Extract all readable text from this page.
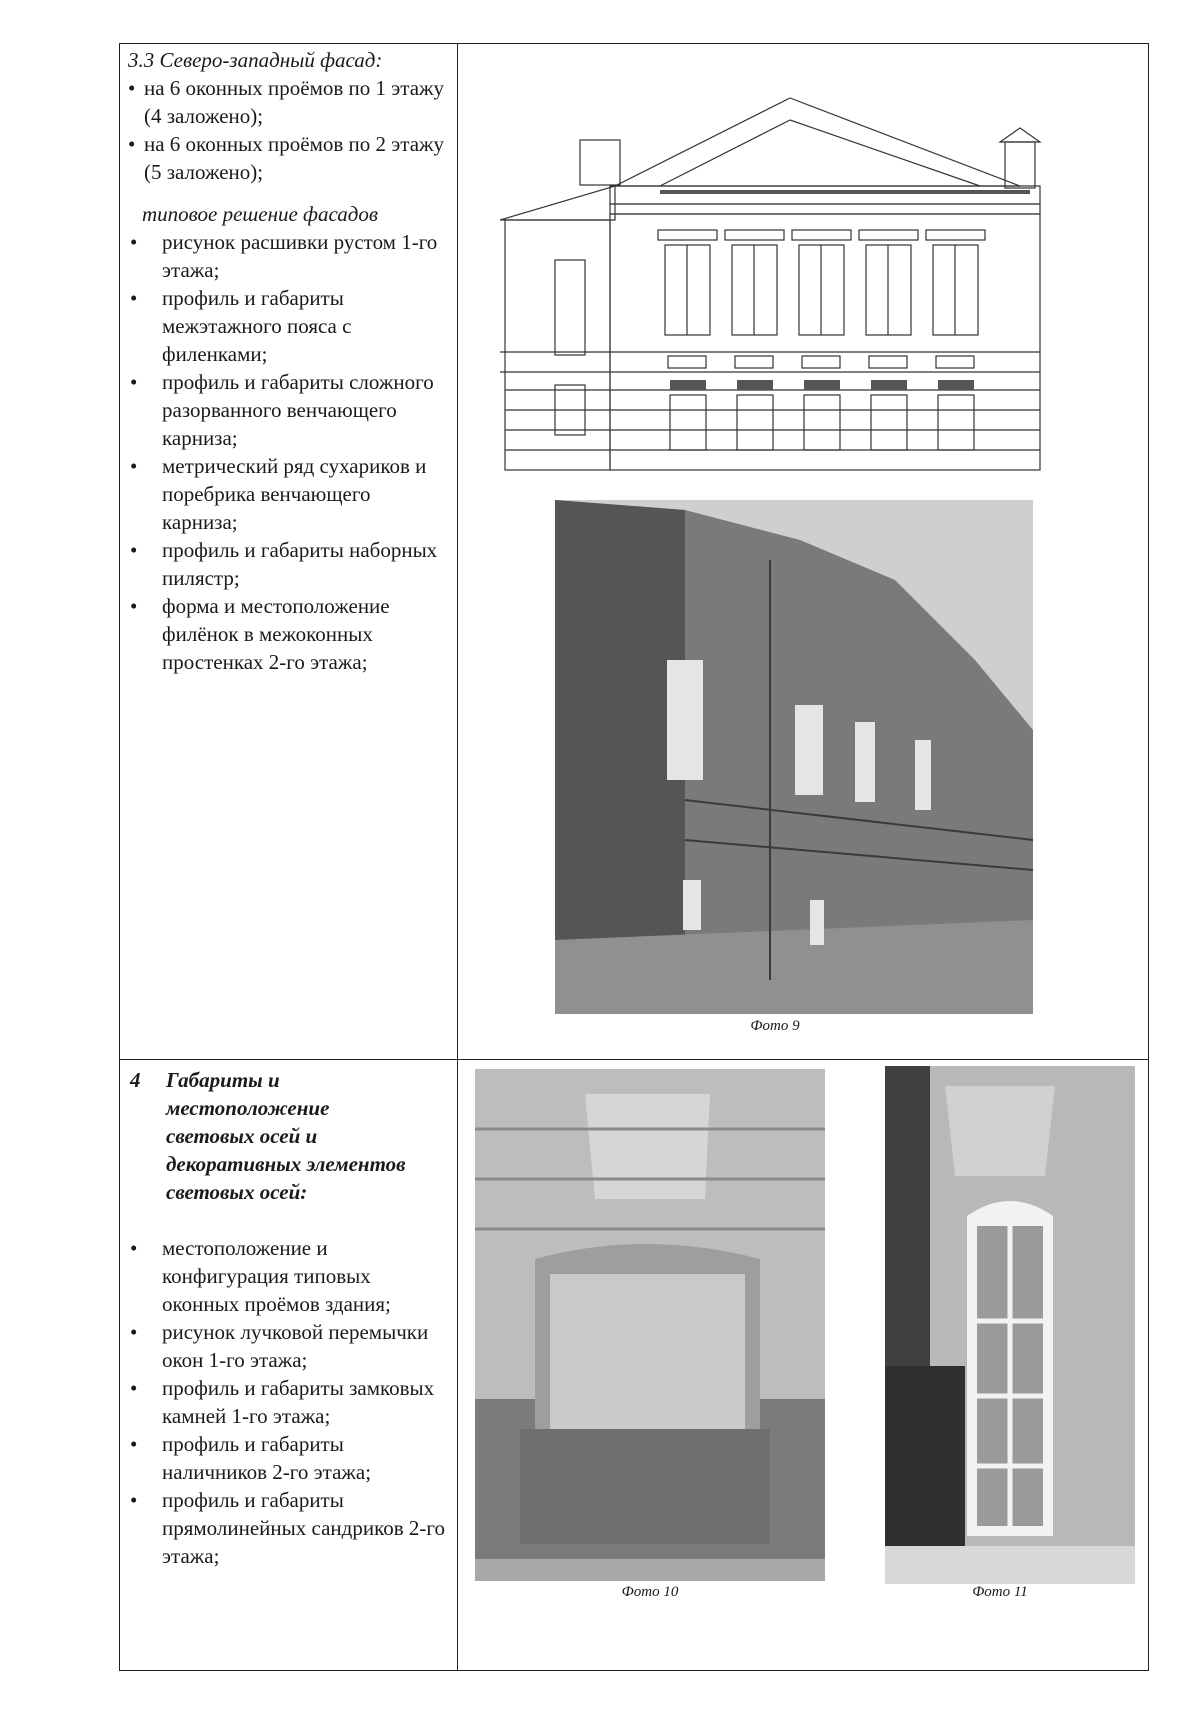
3.3 Северо-западный фасад:
• на 6 оконных проёмов по 1 этажу (4 заложено);
• на 6 оконных проёмов по 2 этажу (5 заложено);
типовое решение фасадов
• рисунок расшивки рустом 1-го этажа;
• профиль и габариты межэтажного пояса с филенками;
• профиль и габариты сложного разорванного венчающего карниза;
• метрический ряд сухариков и поребрика венчающего карниза;
• профиль и габариты наборных пилястр;
• форма и местоположение филёнок в межоконных простенках 2-го этажа;
Фото 9
4	Габариты и местоположение световых осей и декоративных элементов световых осей:
• местоположение и конфигурация типовых оконных проёмов здания;
• рисунок лучковой перемычки окон 1-го этажа;
• профиль и габариты замковых камней 1-го этажа;
• профиль и габариты наличников 2-го этажа;
• профиль и габариты прямолинейных сандриков 2-го этажа;
Фото 10	Фото 11
